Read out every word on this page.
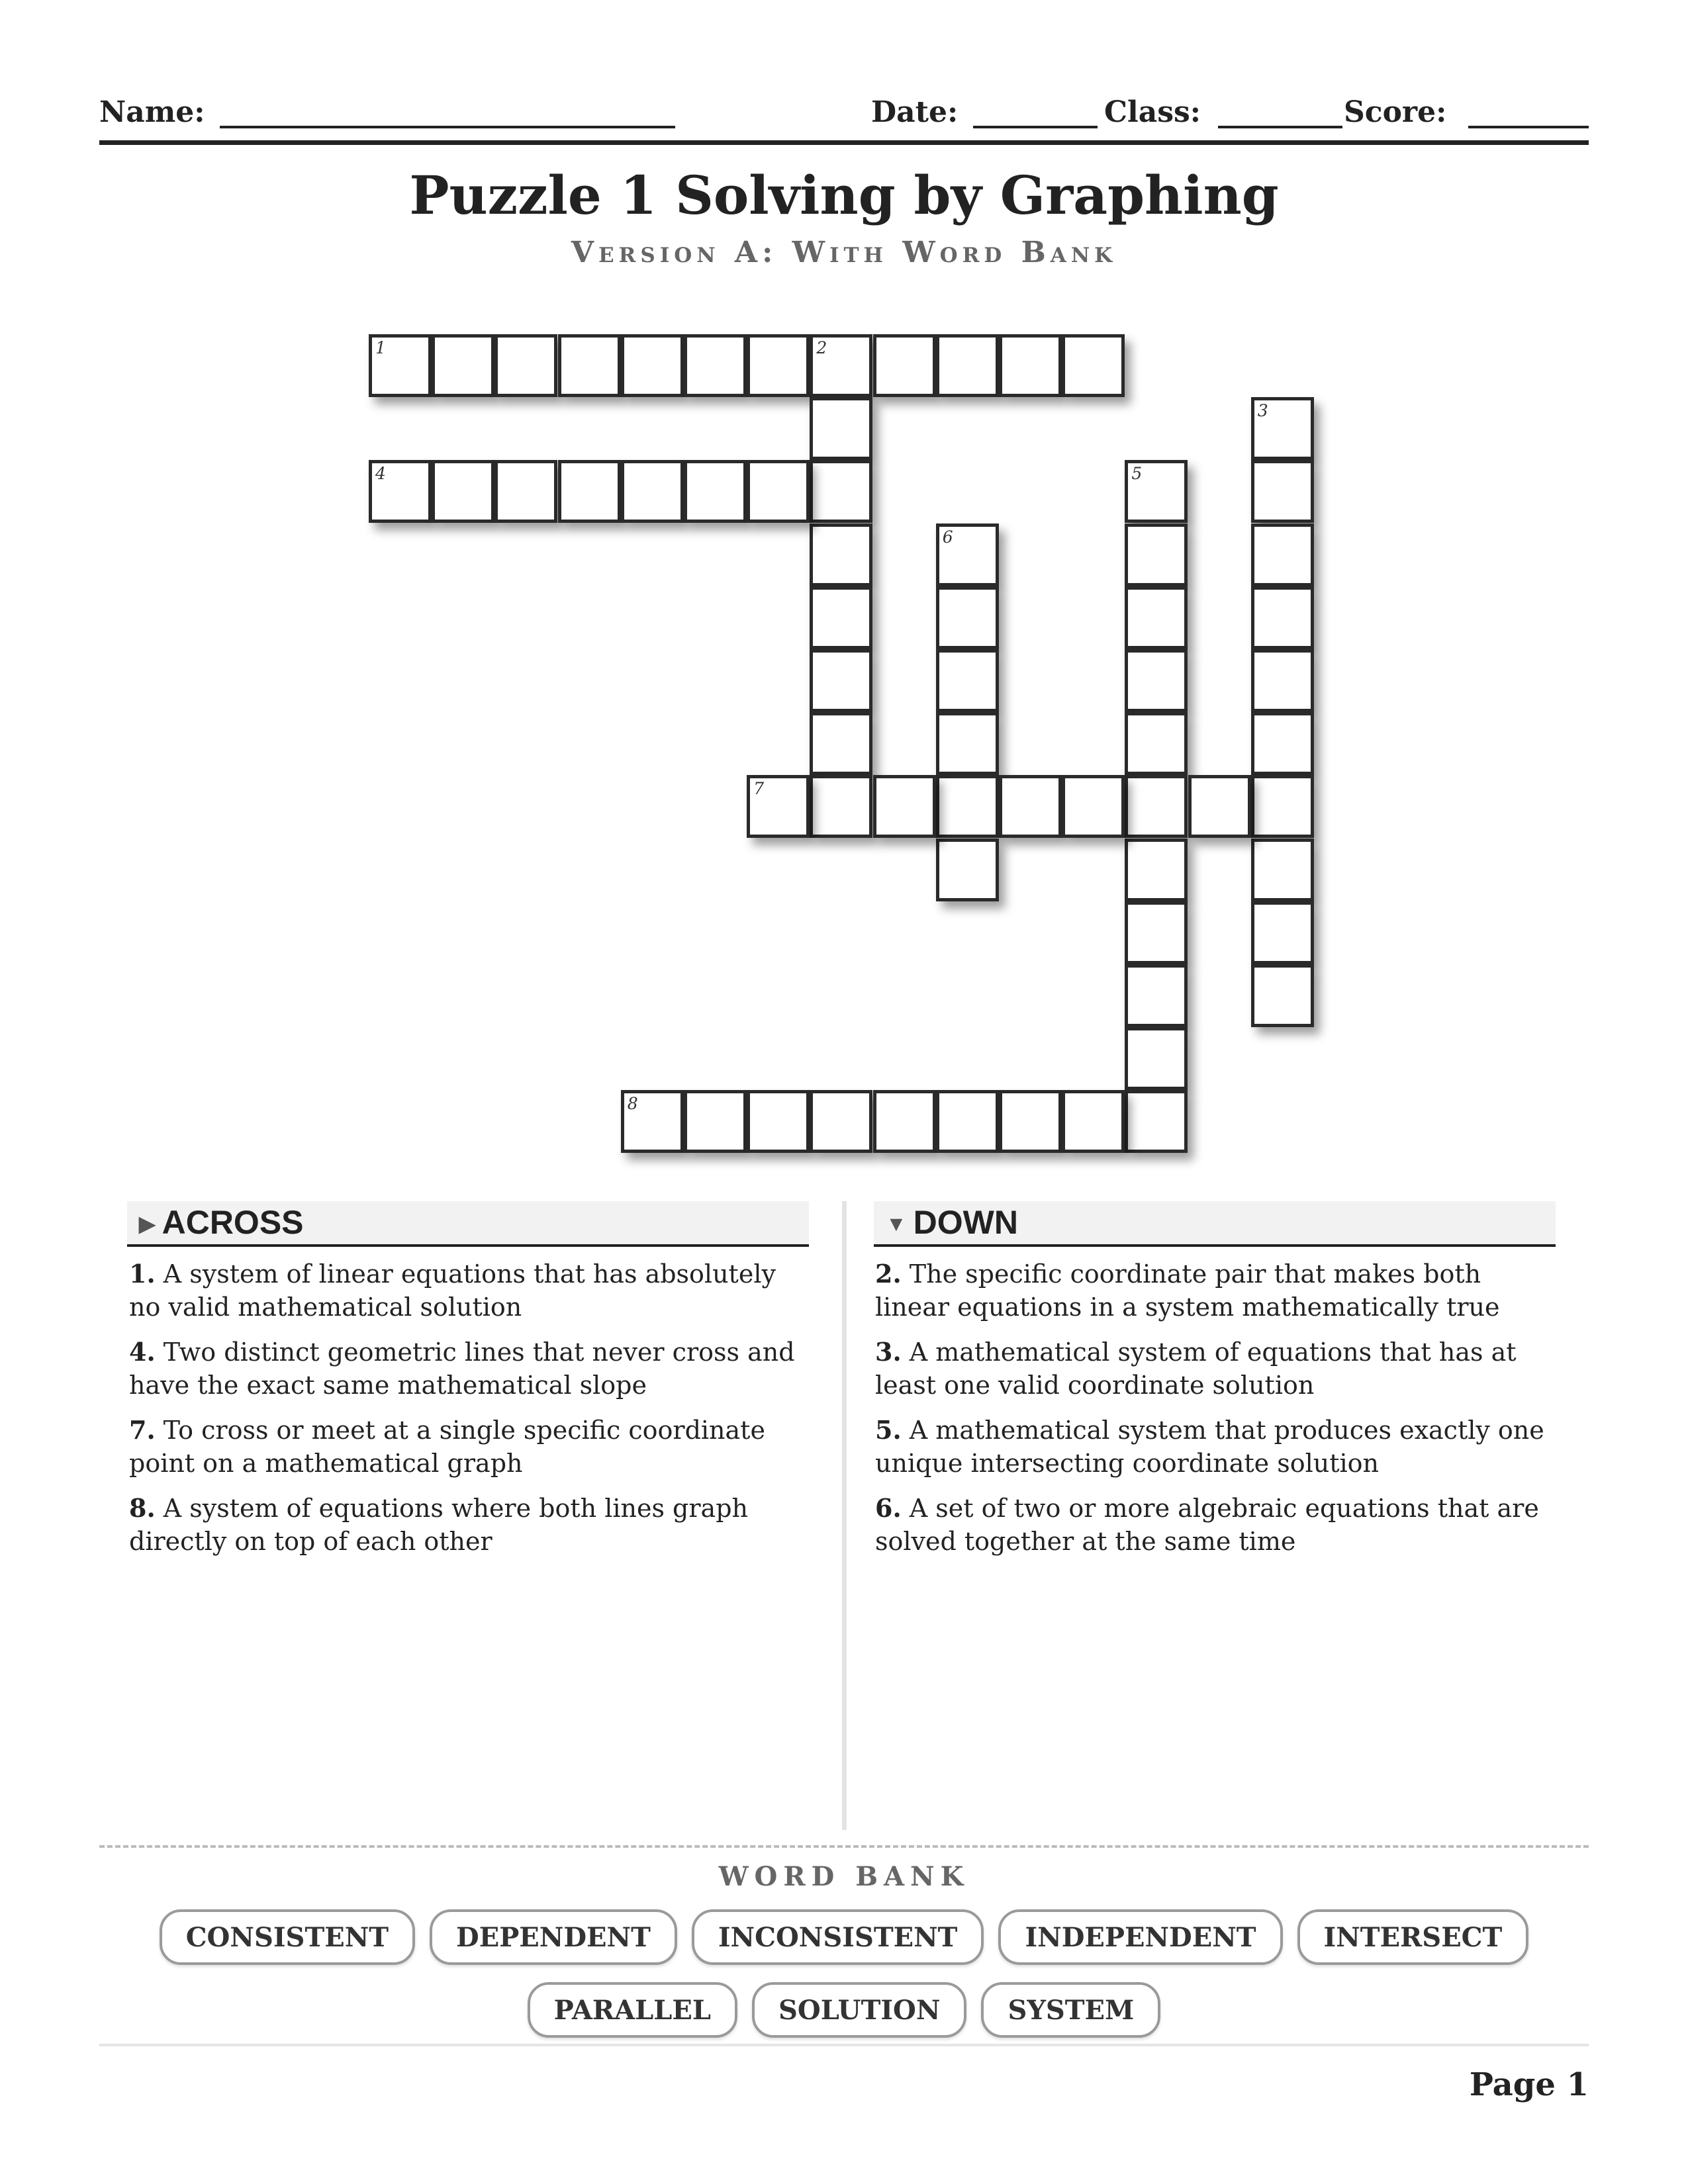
Name:	Date:	Class:	Score:
Puzzle 1 Solving by Graphing
Version A: With Word Bank
1	2
3
4	5
6
7
8
▶ ACROSS	▼ DOWN
1. A system of linear equations that has absolutely no valid mathematical solution
4. Two distinct geometric lines that never cross and have the exact same mathematical slope
7. To cross or meet at a single specific coordinate point on a mathematical graph
8. A system of equations where both lines graph directly on top of each other
2. The specific coordinate pair that makes both linear equations in a system mathematically true
3. A mathematical system of equations that has at least one valid coordinate solution
5. A mathematical system that produces exactly one unique intersecting coordinate solution
6. A set of two or more algebraic equations that are solved together at the same time
WORD BANK
CONSISTENT	DEPENDENT	INCONSISTENT	INDEPENDENT	INTERSECT
PARALLEL	SOLUTION	SYSTEM
Page 1
